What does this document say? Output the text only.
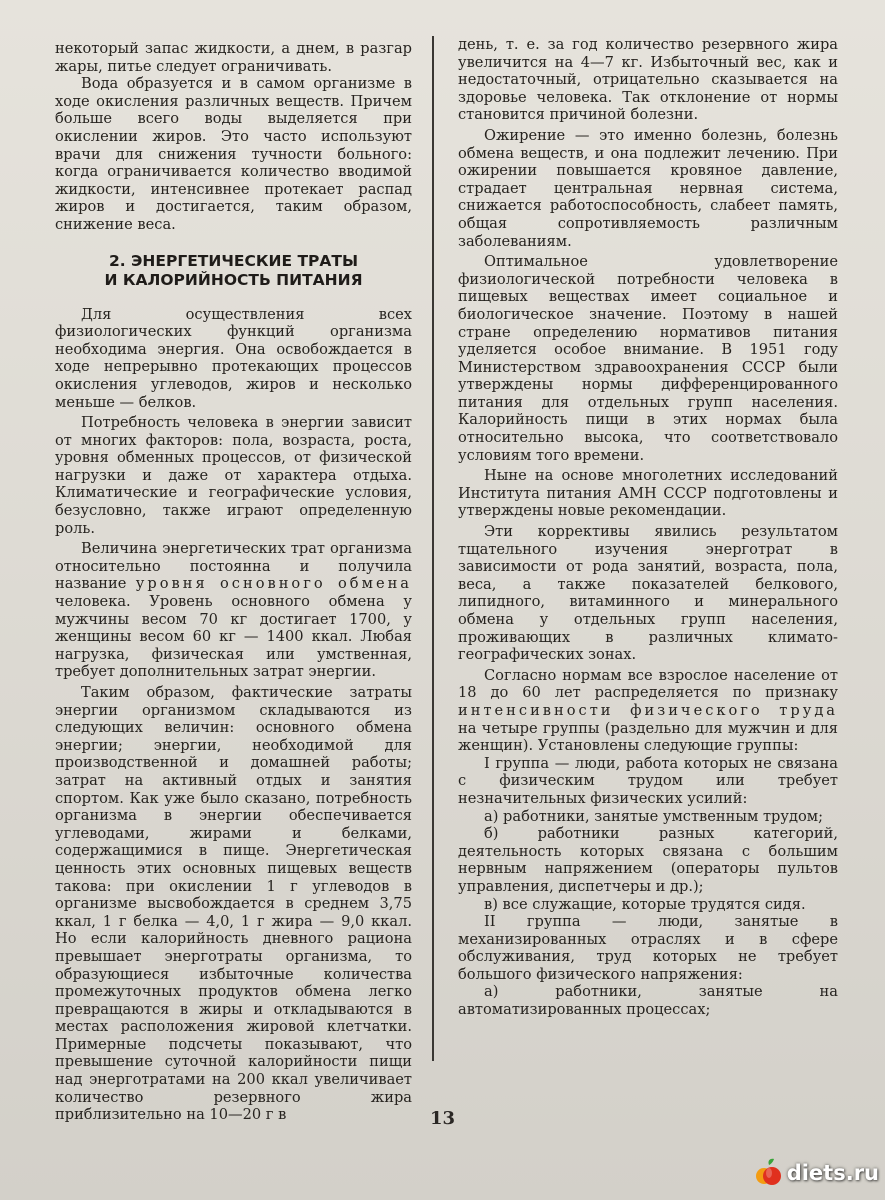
некоторый запас жидкости, а днем, в разгар жары, питье следует ограничивать.

Вода образуется и в самом организме в ходе окисления различных веществ. Причем больше всего воды выделяется при окислении жиров. Это часто используют врачи для снижения тучности больного: когда ограничивается количество вводимой жидкости, интенсивнее протекает распад жиров и достигается, таким образом, снижение веса.

2. ЭНЕРГЕТИЧЕСКИЕ ТРАТЫ
И КАЛОРИЙНОСТЬ ПИТАНИЯ

Для осуществления всех физиологических функций организма необходима энергия. Она освобождается в ходе непрерывно протекающих процессов окисления углеводов, жиров и несколько меньше — белков.

Потребность человека в энергии зависит от многих факторов: пола, возраста, роста, уровня обменных процессов, от физической нагрузки и даже от характера отдыха. Климатические и географические условия, безусловно, также играют определенную роль.

Величина энергетических трат организма относительно постоянна и получила название уровня основного обмена человека. Уровень основного обмена у мужчины весом 70 кг достигает 1700, у женщины весом 60 кг — 1400 ккал. Любая нагрузка, физическая или умственная, требует дополнительных затрат энергии.

Таким образом, фактические затраты энергии организмом складываются из следующих величин: основного обмена энергии; энергии, необходимой для производственной и домашней работы; затрат на активный отдых и занятия спортом. Как уже было сказано, потребность организма в энергии обеспечивается углеводами, жирами и белками, содержащимися в пище. Энергетическая ценность этих основных пищевых веществ такова: при окислении 1 г углеводов в организме высвобождается в среднем 3,75 ккал, 1 г белка — 4,0, 1 г жира — 9,0 ккал. Но если калорийность дневного рациона превышает энерготраты организма, то образующиеся избыточные количества промежуточных продуктов обмена легко превращаются в жиры и откладываются в местах расположения жировой клетчатки. Примерные подсчеты показывают, что превышение суточной калорийности пищи над энерготратами на 200 ккал увеличивает количество резервного жира приблизительно на 10—20 г в

день, т. е. за год количество резервного жира увеличится на 4—7 кг. Избыточный вес, как и недостаточный, отрицательно сказывается на здоровье человека. Так отклонение от нормы становится причиной болезни.

Ожирение — это именно болезнь, болезнь обмена веществ, и она подлежит лечению. При ожирении повышается кровяное давление, страдает центральная нервная система, снижается работоспособность, слабеет память, общая сопротивляемость различным заболеваниям.

Оптимальное удовлетворение физиологической потребности человека в пищевых веществах имеет социальное и биологическое значение. Поэтому в нашей стране определению нормативов питания уделяется особое внимание. В 1951 году Министерством здравоохранения СССР были утверждены нормы дифференцированного питания для отдельных групп населения. Калорийность пищи в этих нормах была относительно высока, что соответствовало условиям того времени.

Ныне на основе многолетних исследований Института питания АМН СССР подготовлены и утверждены новые рекомендации.

Эти коррективы явились результатом тщательного изучения энерготрат в зависимости от рода занятий, возраста, пола, веса, а также показателей белкового, липидного, витаминного и минерального обмена у отдельных групп населения, проживающих в различных климато-географических зонах.

Согласно нормам все взрослое население от 18 до 60 лет распределяется по признаку интенсивности физического труда на четыре группы (раздельно для мужчин и для женщин). Установлены следующие группы:

I группа — люди, работа которых не связана с физическим трудом или требует незначительных физических усилий:

а) работники, занятые умственным трудом;

б) работники разных категорий, деятельность которых связана с большим нервным напряжением (операторы пультов управления, диспетчеры и др.);

в) все служащие, которые трудятся сидя.

II группа — люди, занятые в механизированных отраслях и в сфере обслуживания, труд которых не требует большого физического напряжения:

а) работники, занятые на автоматизированных процессах;

13
diets.ru
